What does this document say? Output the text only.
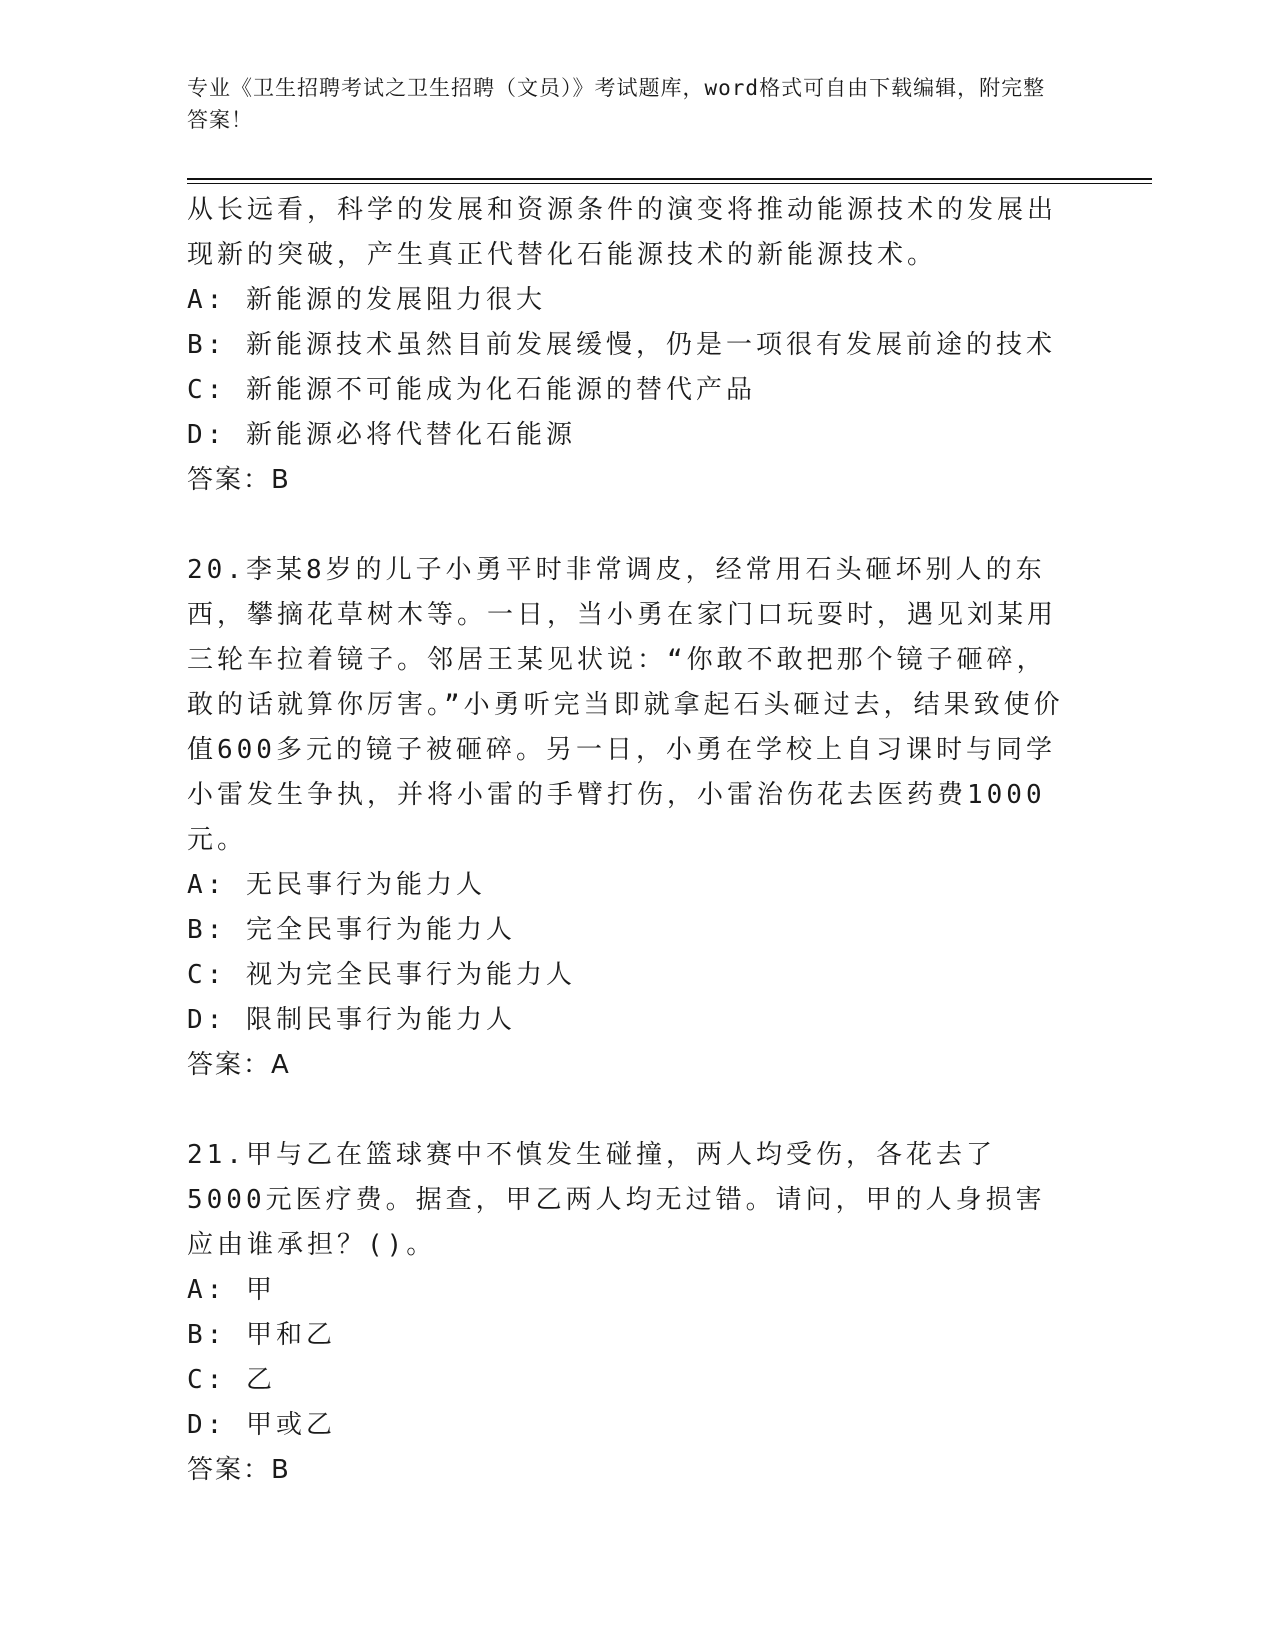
专业《卫生招聘考试之卫生招聘（文员）》考试题库，word格式可自由下载编辑，附完整答案！

从长远看，科学的发展和资源条件的演变将推动能源技术的发展出现新的突破，产生真正代替化石能源技术的新能源技术。

A: 新能源的发展阻力很大

B: 新能源技术虽然目前发展缓慢，仍是一项很有发展前途的技术

C: 新能源不可能成为化石能源的替代产品

D: 新能源必将代替化石能源

答案：B

20.李某8岁的儿子小勇平时非常调皮，经常用石头砸坏别人的东西，攀摘花草树木等。一日，当小勇在家门口玩耍时，遇见刘某用三轮车拉着镜子。邻居王某见状说：“你敢不敢把那个镜子砸碎，敢的话就算你厉害。”小勇听完当即就拿起石头砸过去，结果致使价值600多元的镜子被砸碎。另一日，小勇在学校上自习课时与同学小雷发生争执，并将小雷的手臂打伤，小雷治伤花去医药费1000元。

A: 无民事行为能力人

B: 完全民事行为能力人

C: 视为完全民事行为能力人

D: 限制民事行为能力人

答案：A

21.甲与乙在篮球赛中不慎发生碰撞，两人均受伤，各花去了5000元医疗费。据查，甲乙两人均无过错。请问，甲的人身损害应由谁承担？()。

A: 甲

B: 甲和乙

C: 乙

D: 甲或乙

答案：B
